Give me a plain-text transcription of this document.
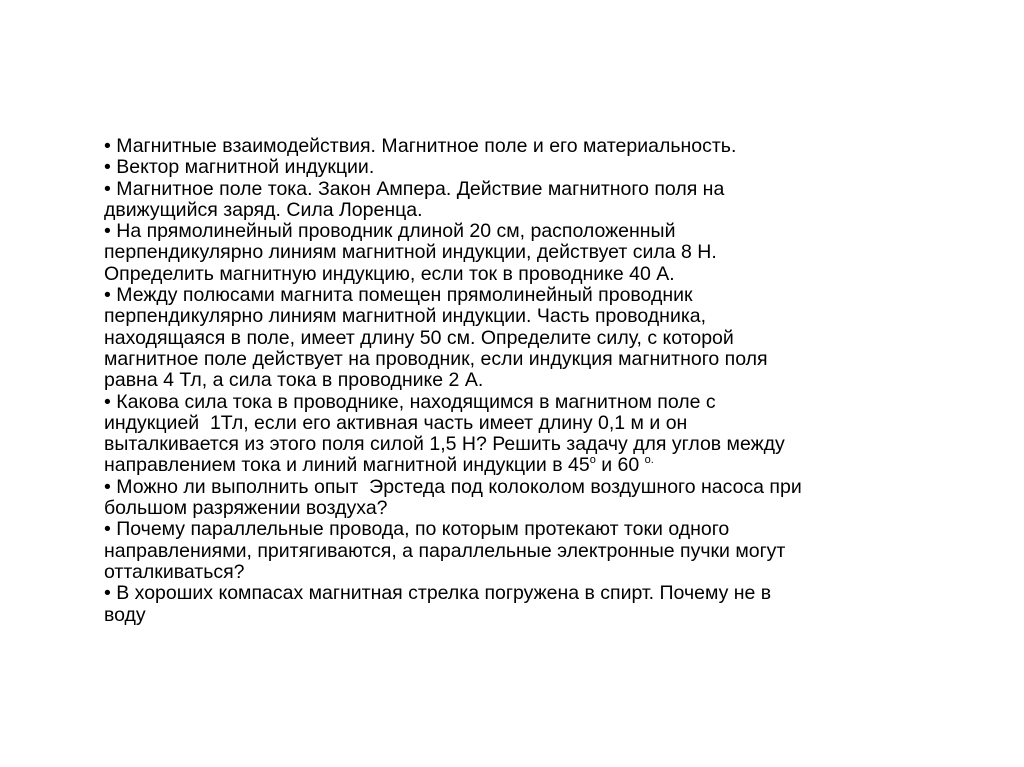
• Магнитные взаимодействия. Магнитное поле и его материальность.
• Вектор магнитной индукции.
• Магнитное поле тока. Закон Ампера. Действие магнитного поля на
движущийся заряд. Сила Лоренца.
• На прямолинейный проводник длиной 20 см, расположенный
перпендикулярно линиям магнитной индукции, действует сила 8 Н.
Определить магнитную индукцию, если ток в проводнике 40 А.
• Между полюсами магнита помещен прямолинейный проводник
перпендикулярно линиям магнитной индукции. Часть проводника,
находящаяся в поле, имеет длину 50 см. Определите силу, с которой
магнитное поле действует на проводник, если индукция магнитного поля
равна 4 Тл, а сила тока в проводнике 2 А.
• Какова сила тока в проводнике, находящимся в магнитном поле с
индукцией  1Тл, если его активная часть имеет длину 0,1 м и он
выталкивается из этого поля силой 1,5 Н? Решить задачу для углов между
направлением тока и линий магнитной индукции в $45^о$ и 60 $^{о.}$
• Можно ли выполнить опыт  Эрстеда под колоколом воздушного насоса при
большом разряжении воздуха?
• Почему параллельные провода, по которым протекают токи одного
направлениями, притягиваются, а параллельные электронные пучки могут
отталкиваться?
• В хороших компасах магнитная стрелка погружена в спирт. Почему не в
воду
